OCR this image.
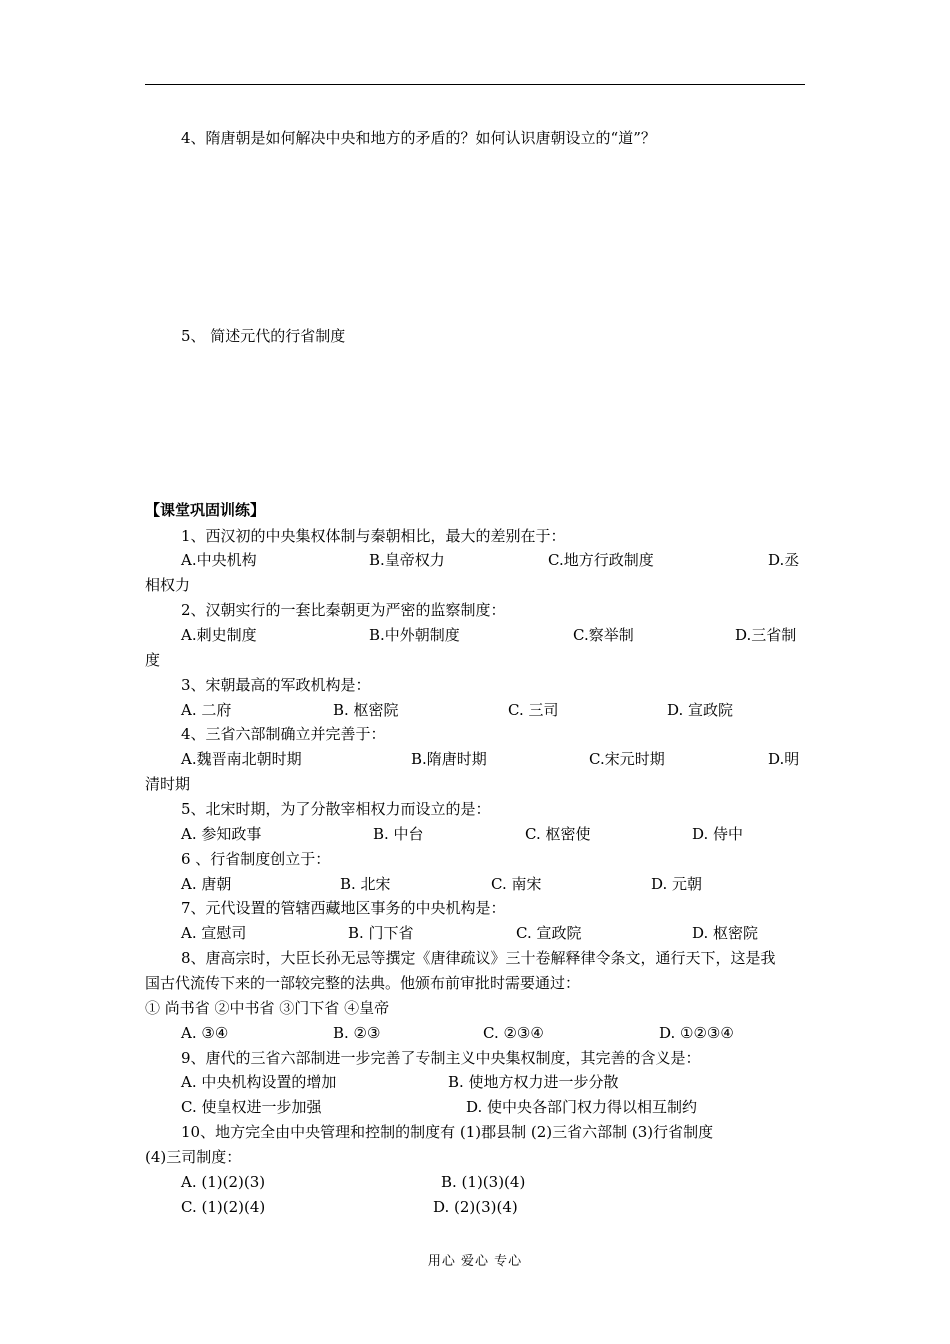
4、隋唐朝是如何解决中央和地方的矛盾的？如何认识唐朝设立的“道”？
5、 简述元代的行省制度
【课堂巩固训练】
1、西汉初的中央集权体制与秦朝相比，最大的差别在于：
A.中央机构	B.皇帝权力	C.地方行政制度	D.丞
相权力
2、汉朝实行的一套比秦朝更为严密的监察制度：
A.刺史制度	B.中外朝制度	C.察举制	D.三省制
度
3、宋朝最高的军政机构是：
A. 二府	B. 枢密院	C. 三司	D. 宣政院
4、三省六部制确立并完善于：
A.魏晋南北朝时期	B.隋唐时期	C.宋元时期	D.明
清时期
5、北宋时期，为了分散宰相权力而设立的是：
A. 参知政事	B. 中台	C. 枢密使	D. 侍中
6 、行省制度创立于：
A. 唐朝	B. 北宋	C. 南宋	D. 元朝
7、元代设置的管辖西藏地区事务的中央机构是：
A. 宣慰司	B. 门下省	C. 宣政院	D. 枢密院
8、唐高宗时，大臣长孙无忌等撰定《唐律疏议》三十卷解释律令条文，通行天下，这是我
国古代流传下来的一部较完整的法典。他颁布前审批时需要通过：
① 尚书省 ②中书省 ③门下省 ④皇帝
A. ③④	B. ②③	C. ②③④	D. ①②③④
9、唐代的三省六部制进一步完善了专制主义中央集权制度，其完善的含义是：
A. 中央机构设置的增加	B. 使地方权力进一步分散
C. 使皇权进一步加强	D. 使中央各部门权力得以相互制约
10、地方完全由中央管理和控制的制度有 (1)郡县制 (2)三省六部制 (3)行省制度
(4)三司制度：
A. (1)(2)(3)	B. (1)(3)(4)
C. (1)(2)(4)	D. (2)(3)(4)
用心 爱心 专心
